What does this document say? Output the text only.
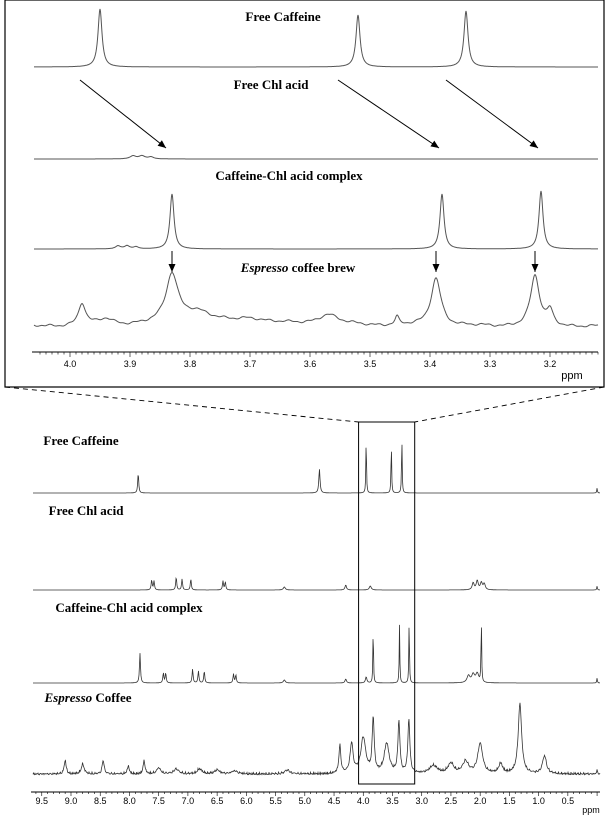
Free Caffeine
Free Chl acid
Caffeine-Chl acid complex
Espresso coffee brew
4.0	3.9	3.8	3.7	3.6	3.5	3.4	3.3	3.2
ppm
Free Caffeine
Free Chl acid
Caffeine-Chl acid complex
Espresso Coffee
9.5 9.0 8.5 8.0 7.5 7.0 6.5 6.0 5.5 5.0 4.5 4.0 3.5 3.0 2.5 2.0 1.5 1.0 0.5
ppm
